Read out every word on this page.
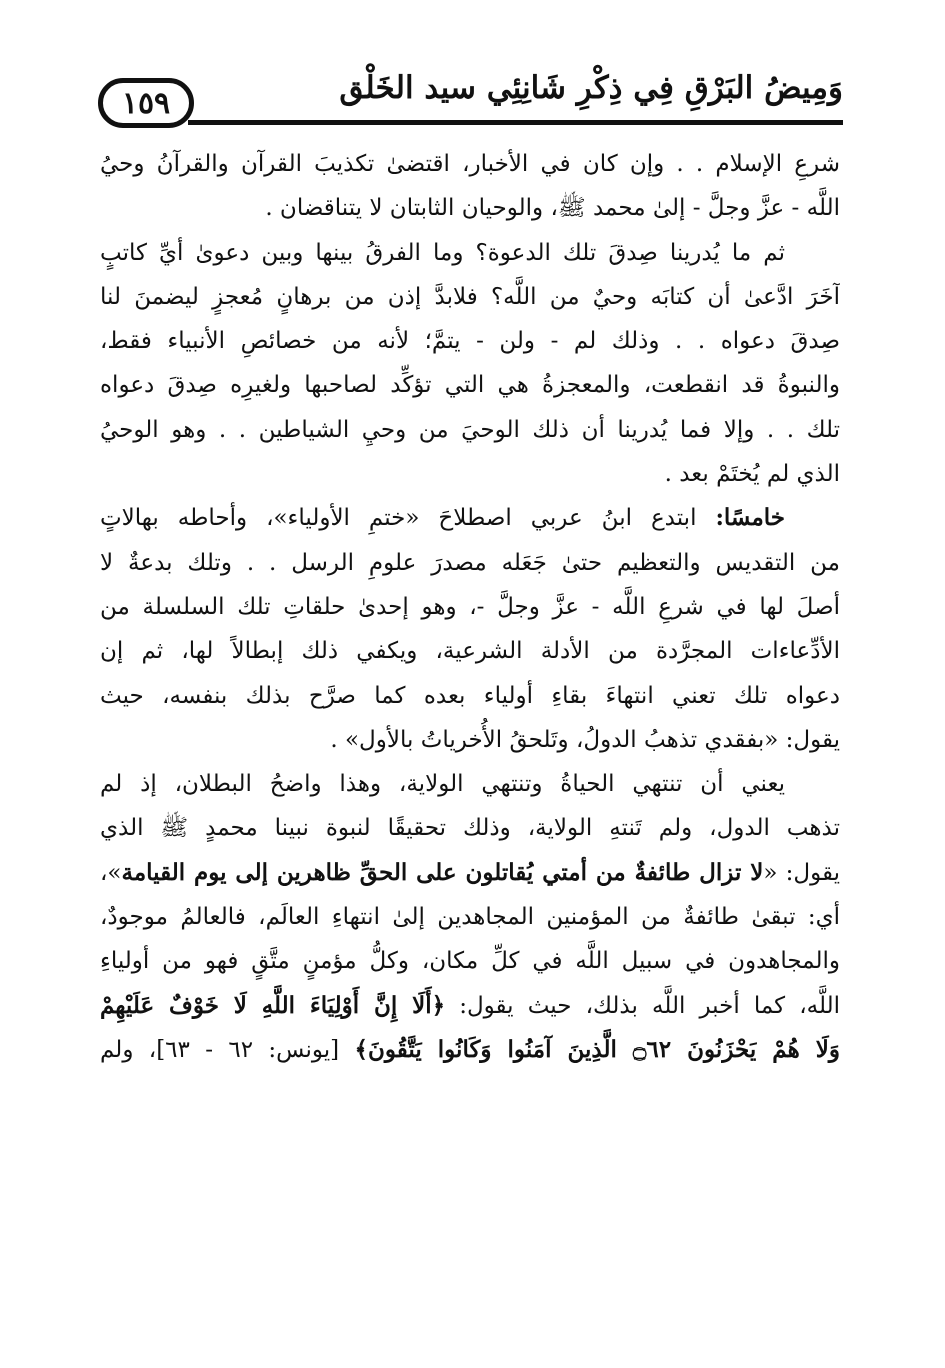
١٥٩	وَمِيضُ البَرْقِ فِي ذِكْرِ شَانِئِي سيد الخَلْق
شرعِ الإسلام . . وإن كان في الأخبار، اقتضىٰ تكذيبَ القرآن والقرآنُ وحيُ
اللَّه - عزَّ وجلَّ - إلىٰ محمد ﷺ، والوحيان الثابتان لا يتناقضان .
ثم ما يُدرينا صِدقَ تلك الدعوة؟ وما الفرقُ بينها وبين دعوىٰ أيِّ كاتبٍ
آخَرَ ادَّعىٰ أن كتابَه وحيٌ من اللَّه؟ فلابدَّ إذن من برهانٍ مُعجزٍ ليضمنَ لنا
صِدقَ دعواه . . وذلك لم - ولن - يتمَّ؛ لأنه من خصائصِ الأنبياء فقط،
والنبوةُ قد انقطعت، والمعجزةُ هي التي تؤكِّد لصاحبها ولغيرِه صِدقَ دعواه
تلك . . وإلا فما يُدرينا أن ذلك الوحيَ من وحيِ الشياطين . . وهو الوحيُ
الذي لم يُختَمْ بعد .
خامسًا: ابتدع ابنُ عربي اصطلاحَ «ختمِ الأولياء»، وأحاطه بهالاتٍ
من التقديس والتعظيم حتىٰ جَعَله مصدرَ علومِ الرسل . . وتلك بدعةٌ لا
أصلَ لها في شرعِ اللَّه - عزَّ وجلَّ -، وهو إحدىٰ حلقاتِ تلك السلسلة من
الأدِّعاءات المجرَّدة من الأدلة الشرعية، ويكفي ذلك إبطالاً لها، ثم إن
دعواه تلك تعني انتهاءَ بقاءِ أولياء بعده كما صرَّح بذلك بنفسه، حيث
يقول: «بفقدي تذهبُ الدولُ، وتَلحقُ الأُخرياتُ بالأول» .
يعني أن تنتهي الحياةُ وتنتهي الولاية، وهذا واضحُ البطلان، إذ لم
تذهب الدول، ولم تَنتهِ الولاية، وذلك تحقيقًا لنبوة نبينا محمدٍ ﷺ الذي
يقول: «لا تزال طائفةٌ من أمتي يُقاتلون على الحقِّ ظاهرين إلى يوم القيامة»،
أي: تبقىٰ طائفةٌ من المؤمنين المجاهدين إلىٰ انتهاءِ العالَم، فالعالمُ موجودٌ،
والمجاهدون في سبيل اللَّه في كلِّ مكان، وكلُّ مؤمنٍ متَّقٍ فهو من أولياءِ
اللَّه، كما أخبر اللَّه بذلك، حيث يقول: ﴿أَلَا إِنَّ أَوْلِيَاءَ اللَّهِ لَا خَوْفٌ عَلَيْهِمْ
وَلَا هُمْ يَحْزَنُونَ ۝٦٢ الَّذِينَ آمَنُوا وَكَانُوا يَتَّقُونَ﴾ [يونس: ٦٢ - ٦٣]، ولم
